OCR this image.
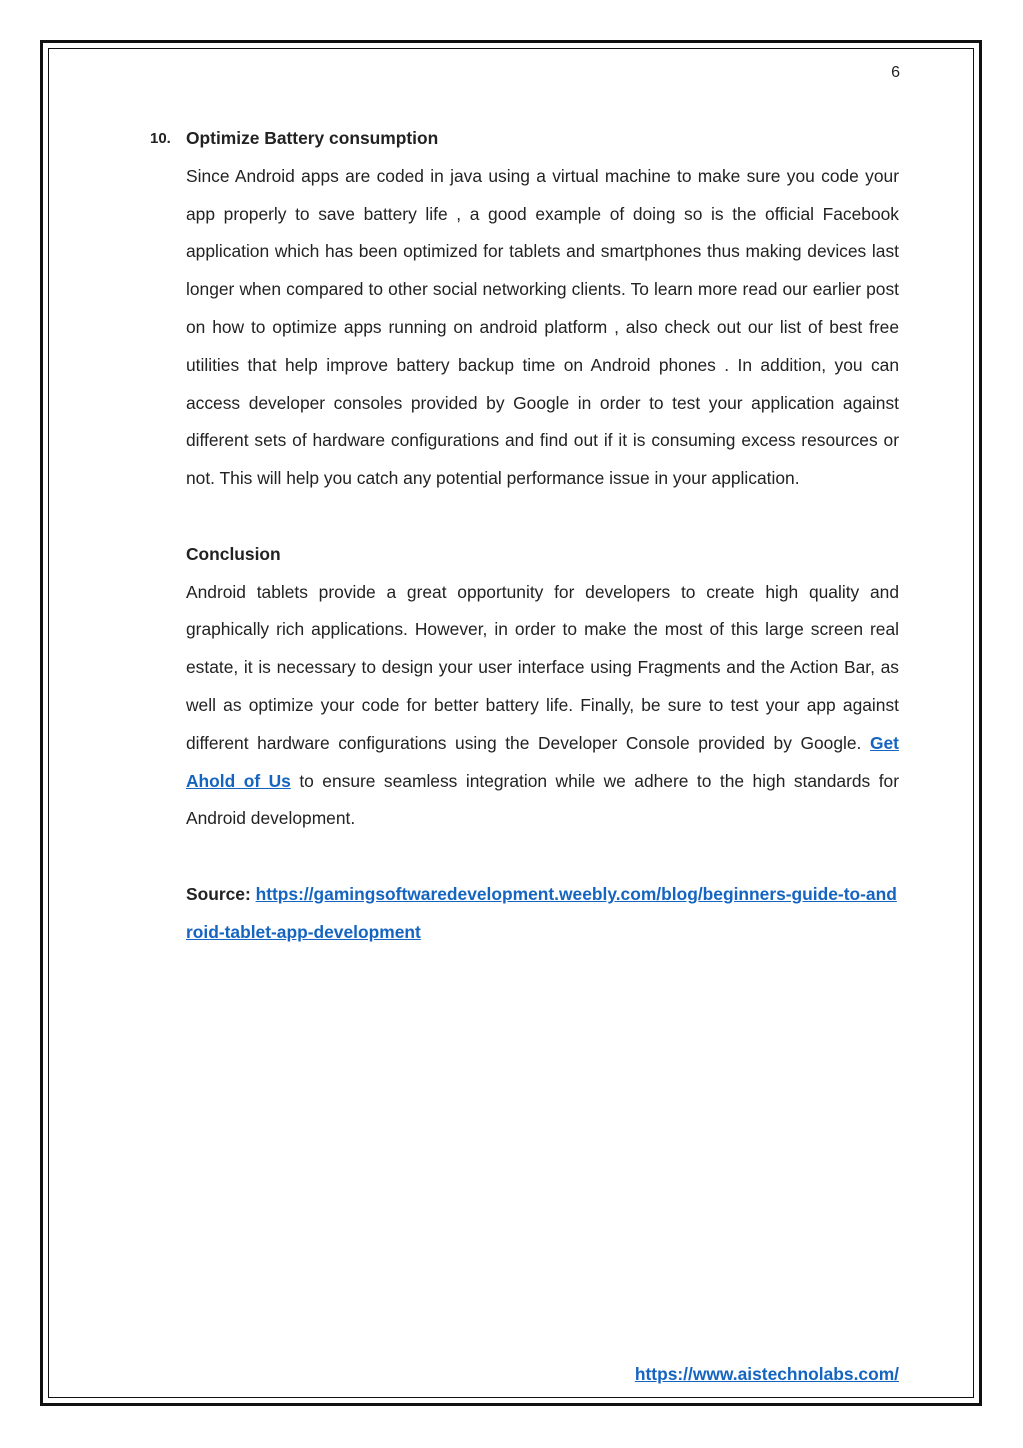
6

10. Optimize Battery consumption

Since Android apps are coded in java using a virtual machine to make sure you code your app properly to save battery life , a good example of doing so is the official Facebook application which has been optimized for tablets and smartphones thus making devices last longer when compared to other social networking clients. To learn more read our earlier post on how to optimize apps running on android platform , also check out our list of best free utilities that help improve battery backup time on Android phones . In addition, you can access developer consoles provided by Google in order to test your application against different sets of hardware configurations and find out if it is consuming excess resources or not. This will help you catch any potential performance issue in your application.

Conclusion

Android tablets provide a great opportunity for developers to create high quality and graphically rich applications. However, in order to make the most of this large screen real estate, it is necessary to design your user interface using Fragments and the Action Bar, as well as optimize your code for better battery life. Finally, be sure to test your app against different hardware configurations using the Developer Console provided by Google. Get Ahold of Us to ensure seamless integration while we adhere to the high standards for Android development.

Source: https://gamingsoftwaredevelopment.weebly.com/blog/beginners-guide-to-android-tablet-app-development

https://www.aistechnolabs.com/
